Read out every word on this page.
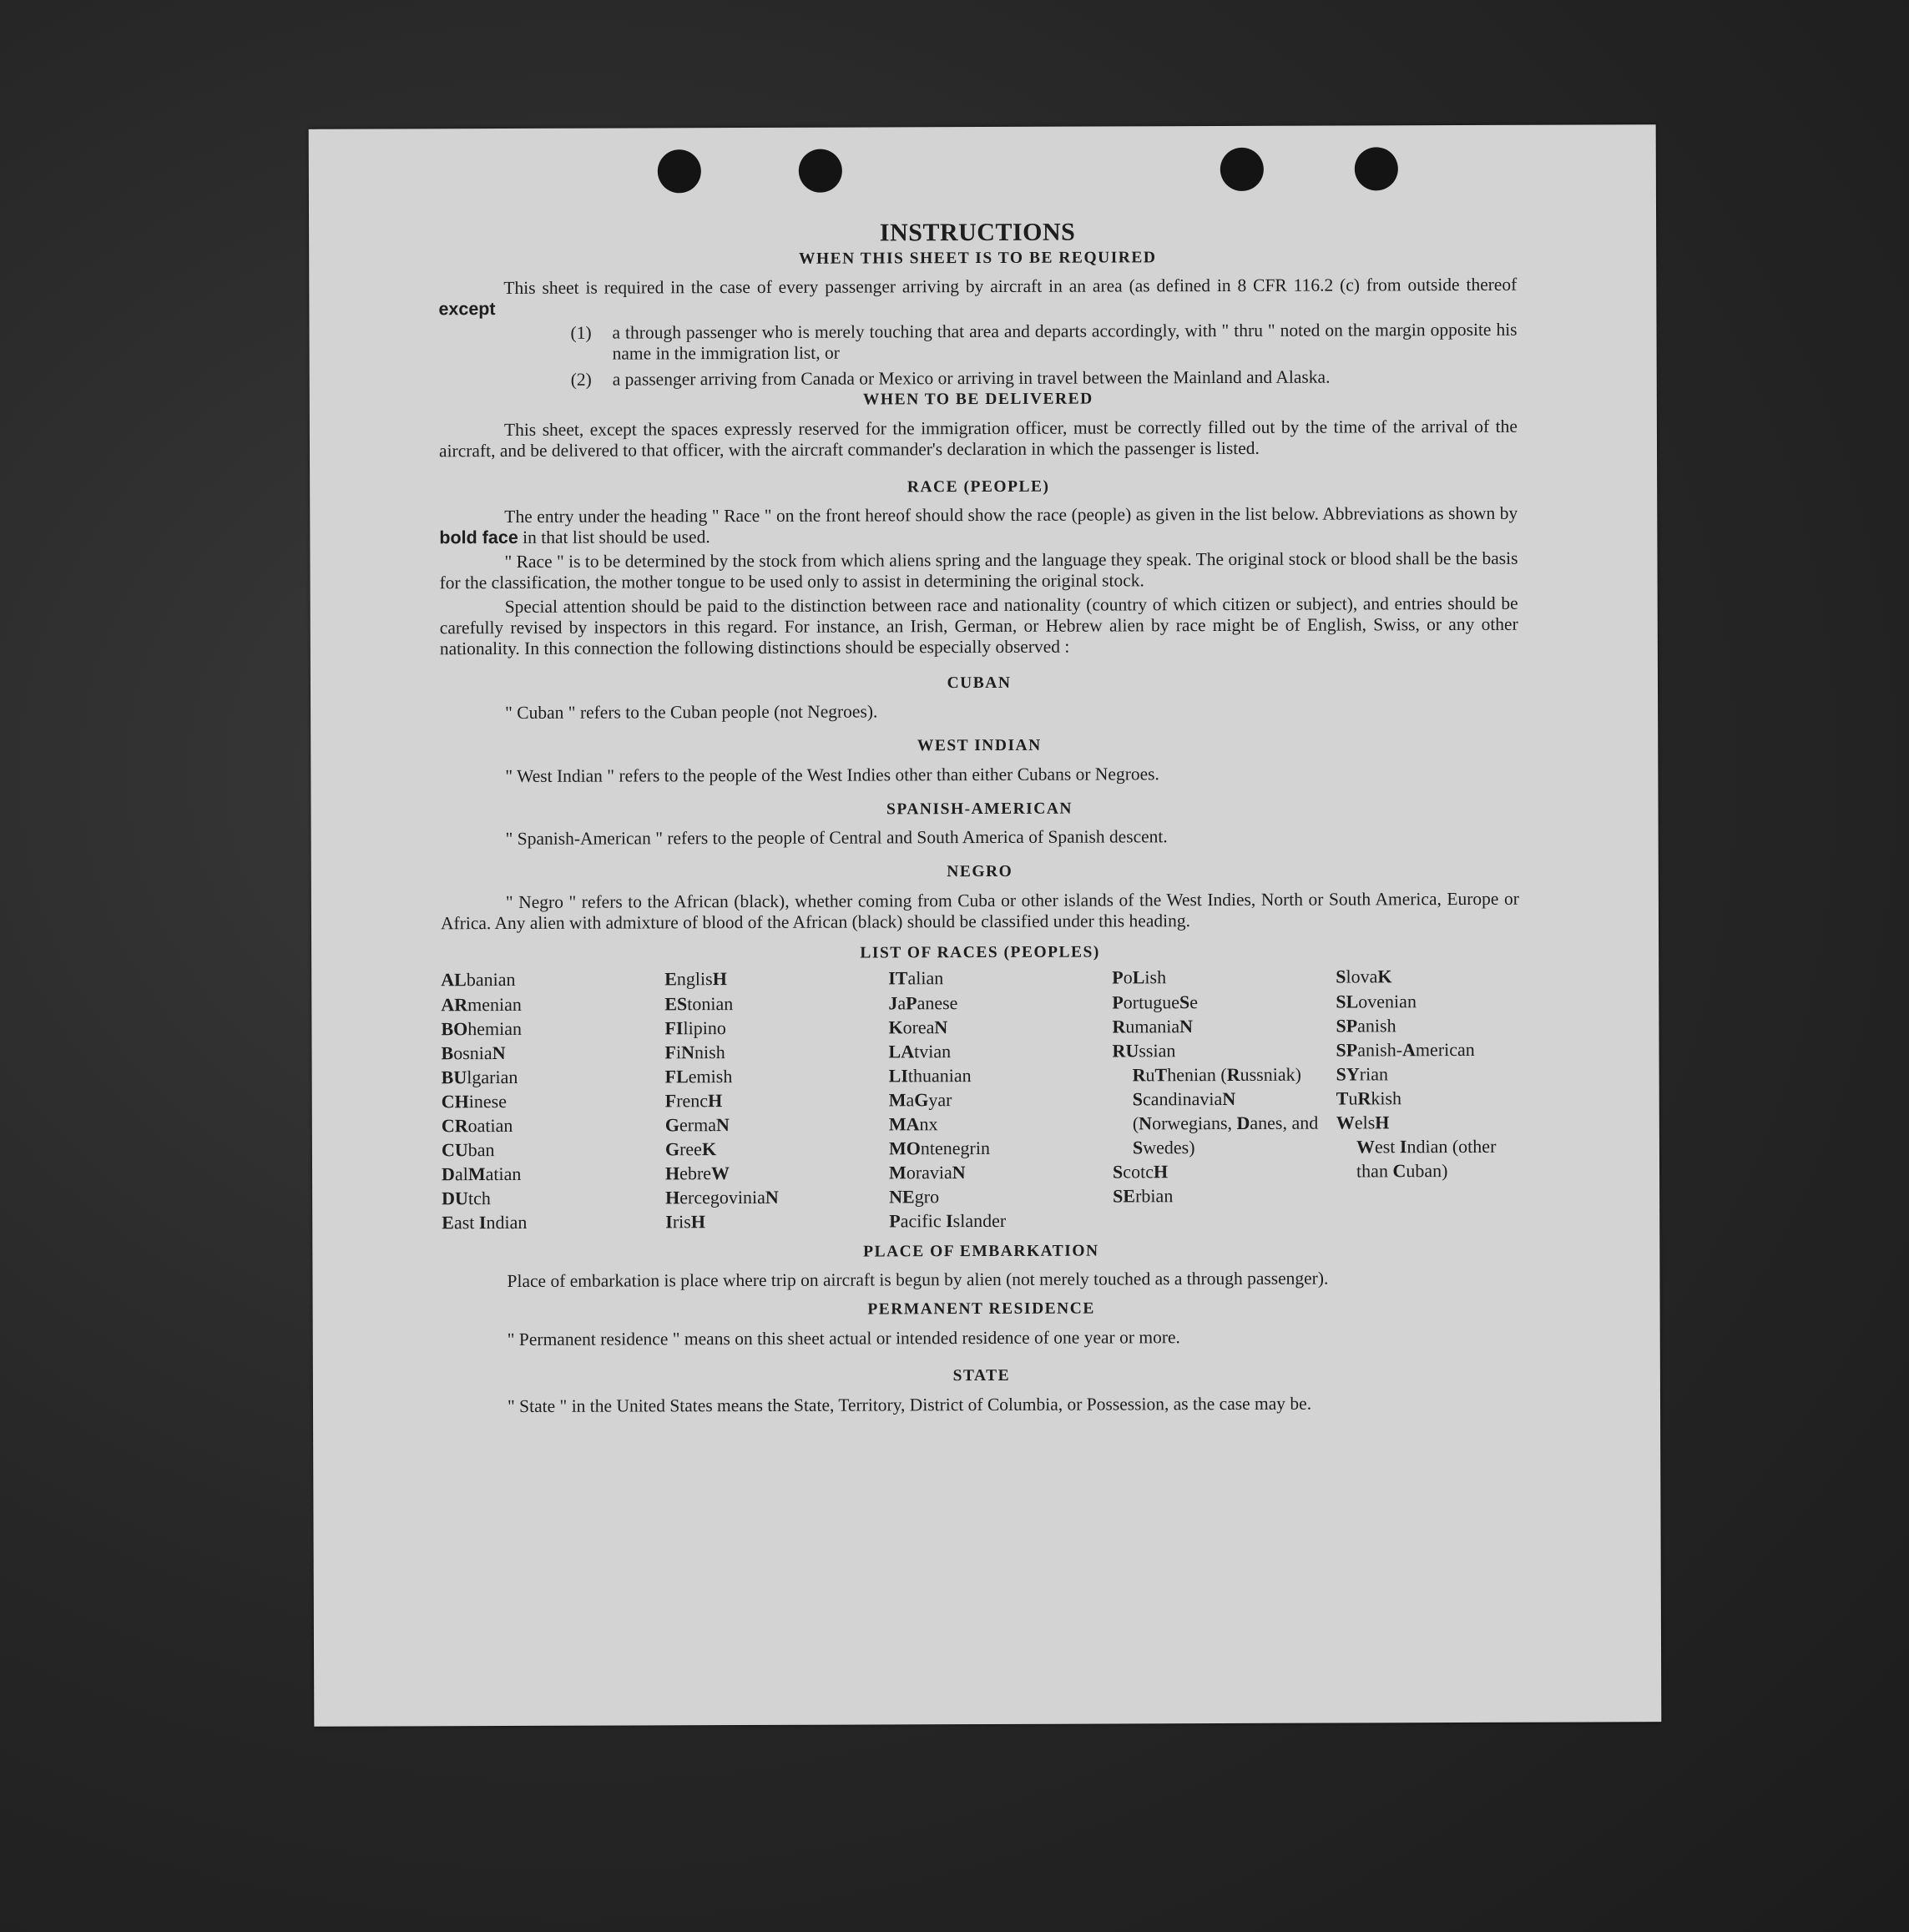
INSTRUCTIONS
WHEN THIS SHEET IS TO BE REQUIRED

This sheet is required in the case of every passenger arriving by aircraft in an area (as defined in 8 CFR 116.2 (c) from outside thereof except

(1)	a through passenger who is merely touching that area and departs accordingly, with " thru " noted on the margin opposite his name in the immigration list, or
(2)	a passenger arriving from Canada or Mexico or arriving in travel between the Mainland and Alaska.
WHEN TO BE DELIVERED

This sheet, except the spaces expressly reserved for the immigration officer, must be correctly filled out by the time of the arrival of the aircraft, and be delivered to that officer, with the aircraft commander's declaration in which the passenger is listed.

RACE (PEOPLE)

The entry under the heading " Race " on the front hereof should show the race (people) as given in the list below. Abbreviations as shown by bold face in that list should be used.

" Race " is to be determined by the stock from which aliens spring and the language they speak. The original stock or blood shall be the basis for the classification, the mother tongue to be used only to assist in determining the original stock.

Special attention should be paid to the distinction between race and nationality (country of which citizen or subject), and entries should be carefully revised by inspectors in this regard. For instance, an Irish, German, or Hebrew alien by race might be of English, Swiss, or any other nationality. In this connection the following distinctions should be especially observed :

CUBAN

" Cuban " refers to the Cuban people (not Negroes).

WEST INDIAN

" West Indian " refers to the people of the West Indies other than either Cubans or Negroes.

SPANISH-AMERICAN

" Spanish-American " refers to the people of Central and South America of Spanish descent.

NEGRO

" Negro " refers to the African (black), whether coming from Cuba or other islands of the West Indies, North or South America, Europe or Africa. Any alien with admixture of blood of the African (black) should be classified under this heading.

LIST OF RACES (PEOPLES)
ALbanian
ARmenian
BOhemian
BosniaN
BUlgarian
CHinese
CRoatian
CUban
DalMatian
DUtch
East Indian
EnglisH
EStonian
FIlipino
FiNnish
FLemish
FrencH
GermaN
GreeK
HebreW
HercegoviniaN
IrisH
ITalian
JaPanese
KoreaN
LAtvian
LIthuanian
MaGyar
MAnx
MOntenegrin
MoraviaN
NEgro
Pacific Islander
PoLish
PortugueSe
RumaniaN
RUssian
RuThenian (Russniak)
ScandinaviaN (Norwegians, Danes, and Swedes)
ScotcH
SErbian
SlovaK
SLovenian
SPanish
SPanish-American
SYrian
TuRkish
WelsH
West Indian (other than Cuban)
PLACE OF EMBARKATION

Place of embarkation is place where trip on aircraft is begun by alien (not merely touched as a through passenger).

PERMANENT RESIDENCE

" Permanent residence " means on this sheet actual or intended residence of one year or more.

STATE

" State " in the United States means the State, Territory, District of Columbia, or Possession, as the case may be.
